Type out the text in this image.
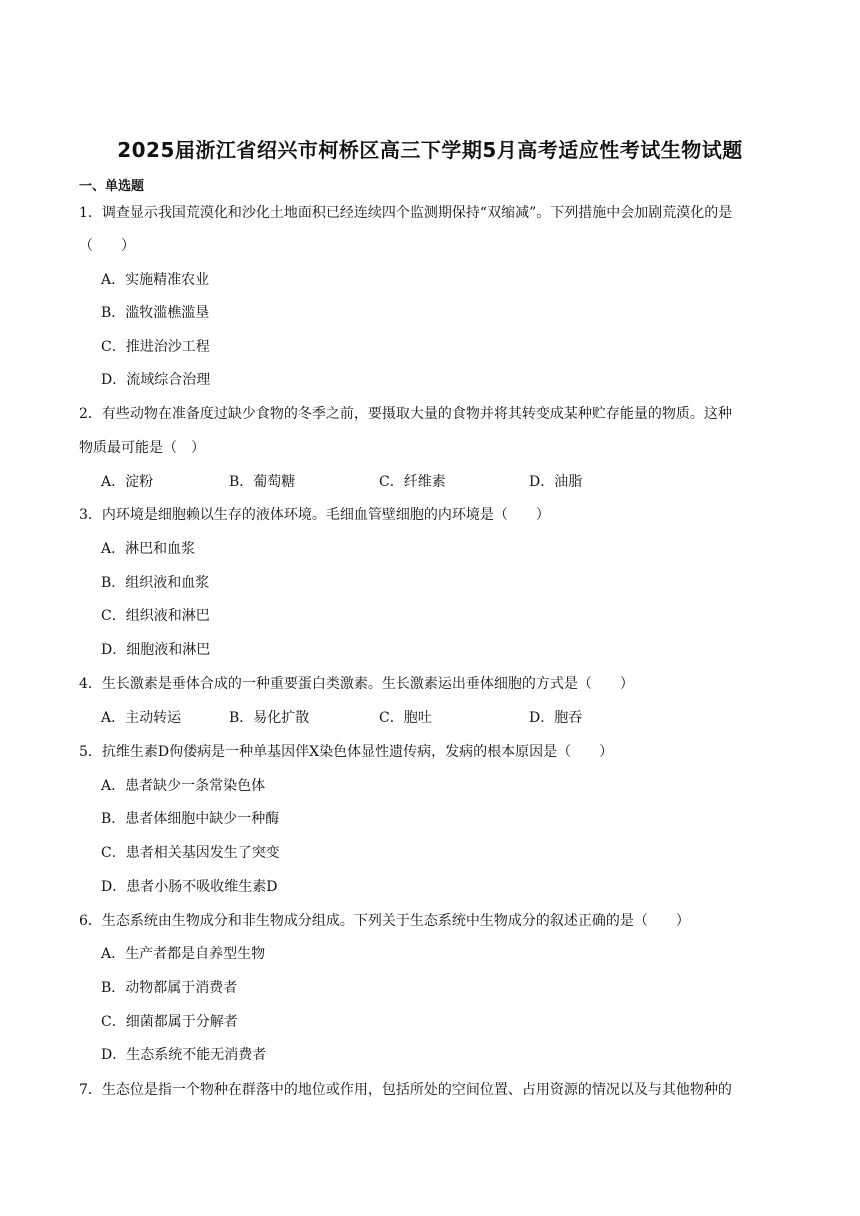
2025届浙江省绍兴市柯桥区高三下学期5月高考适应性考试生物试题
一、单选题
1．调查显示我国荒漠化和沙化土地面积已经连续四个监测期保持“双缩减”。下列措施中会加剧荒漠化的是
（　　）
A．实施精准农业
B．滥牧滥樵滥垦
C．推进治沙工程
D．流域综合治理
2．有些动物在准备度过缺少食物的冬季之前，要摄取大量的食物并将其转变成某种贮存能量的物质。这种
物质最可能是（　）
A．淀粉	B．葡萄糖	C．纤维素	D．油脂
3．内环境是细胞赖以生存的液体环境。毛细血管壁细胞的内环境是（　　）
A．淋巴和血浆
B．组织液和血浆
C．组织液和淋巴
D．细胞液和淋巴
4．生长激素是垂体合成的一种重要蛋白类激素。生长激素运出垂体细胞的方式是（　　）
A．主动转运	B．易化扩散	C．胞吐	D．胞吞
5．抗维生素D佝偻病是一种单基因伴X染色体显性遗传病，发病的根本原因是（　　）
A．患者缺少一条常染色体
B．患者体细胞中缺少一种酶
C．患者相关基因发生了突变
D．患者小肠不吸收维生素D
6．生态系统由生物成分和非生物成分组成。下列关于生态系统中生物成分的叙述正确的是（　　）
A．生产者都是自养型生物
B．动物都属于消费者
C．细菌都属于分解者
D．生态系统不能无消费者
7．生态位是指一个物种在群落中的地位或作用，包括所处的空间位置、占用资源的情况以及与其他物种的
